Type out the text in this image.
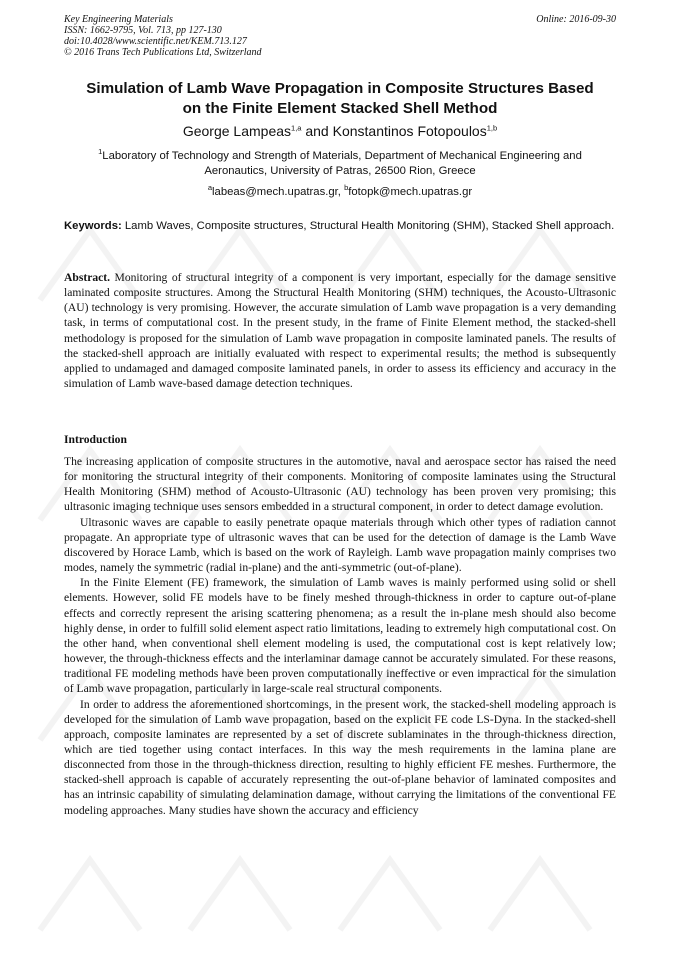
Key Engineering Materials
ISSN: 1662-9795, Vol. 713, pp 127-130
doi:10.4028/www.scientific.net/KEM.713.127
© 2016 Trans Tech Publications Ltd, Switzerland
Online: 2016-09-30
Simulation of Lamb Wave Propagation in Composite Structures Based
on the Finite Element Stacked Shell Method
George Lampeas$^{1,a}$ and Konstantinos Fotopoulos$^{1,b}$
$^1$Laboratory of Technology and Strength of Materials, Department of Mechanical Engineering and
Aeronautics, University of Patras, 26500 Rion, Greece
$^a$labeas@mech.upatras.gr, $^b$fotopk@mech.upatras.gr
Keywords: Lamb Waves, Composite structures, Structural Health Monitoring (SHM), Stacked Shell approach.
Abstract. Monitoring of structural integrity of a component is very important, especially for the damage sensitive laminated composite structures. Among the Structural Health Monitoring (SHM) techniques, the Acousto-Ultrasonic (AU) technology is very promising. However, the accurate simulation of Lamb wave propagation is a very demanding task, in terms of computational cost. In the present study, in the frame of Finite Element method, the stacked-shell methodology is proposed for the simulation of Lamb wave propagation in composite laminated panels. The results of the stacked-shell approach are initially evaluated with respect to experimental results; the method is subsequently applied to undamaged and damaged composite laminated panels, in order to assess its efficiency and accuracy in the simulation of Lamb wave-based damage detection techniques.
Introduction

The increasing application of composite structures in the automotive, naval and aerospace sector has raised the need for monitoring the structural integrity of their components. Monitoring of composite laminates using the Structural Health Monitoring (SHM) method of Acousto-Ultrasonic (AU) technology has been proven very promising; this ultrasonic imaging technique uses sensors embedded in a structural component, in order to detect damage evolution.

Ultrasonic waves are capable to easily penetrate opaque materials through which other types of radiation cannot propagate. An appropriate type of ultrasonic waves that can be used for the detection of damage is the Lamb Wave discovered by Horace Lamb, which is based on the work of Rayleigh. Lamb wave propagation mainly comprises two modes, namely the symmetric (radial in-plane) and the anti-symmetric (out-of-plane).

In the Finite Element (FE) framework, the simulation of Lamb waves is mainly performed using solid or shell elements. However, solid FE models have to be finely meshed through-thickness in order to capture out-of-plane effects and correctly represent the arising scattering phenomena; as a result the in-plane mesh should also become highly dense, in order to fulfill solid element aspect ratio limitations, leading to extremely high computational cost. On the other hand, when conventional shell element modeling is used, the computational cost is kept relatively low; however, the through-thickness effects and the interlaminar damage cannot be accurately simulated. For these reasons, traditional FE modeling methods have been proven computationally ineffective or even impractical for the simulation of Lamb wave propagation, particularly in large-scale real structural components.

In order to address the aforementioned shortcomings, in the present work, the stacked-shell modeling approach is developed for the simulation of Lamb wave propagation, based on the explicit FE code LS-Dyna. In the stacked-shell approach, composite laminates are represented by a set of discrete sublaminates in the through-thickness direction, which are tied together using contact interfaces. In this way the mesh requirements in the lamina plane are disconnected from those in the through-thickness direction, resulting to highly efficient FE meshes. Furthermore, the stacked-shell approach is capable of accurately representing the out-of-plane behavior of laminated composites and has an intrinsic capability of simulating delamination damage, without carrying the limitations of the conventional FE modeling approaches. Many studies have shown the accuracy and efficiency
